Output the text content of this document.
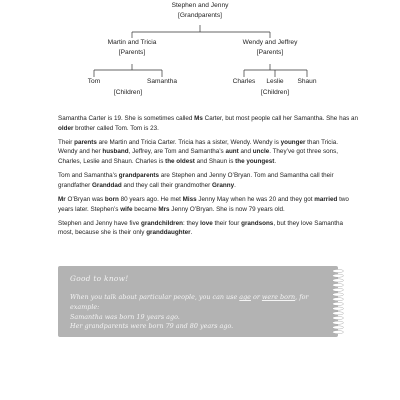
Stephen and Jenny
[Grandparents]
Martin and Tricia
[Parents]
Wendy and Jeffrey
[Parents]
Tom	Samantha
[Children]
Charles	Leslie	Shaun
[Children]

Samantha Carter is 19. She is sometimes called Ms Carter, but most people call her Samantha. She has an older brother called Tom. Tom is 23.

Their parents are Martin and Tricia Carter. Tricia has a sister, Wendy. Wendy is younger than Tricia. Wendy and her husband, Jeffrey, are Tom and Samantha’s aunt and uncle. They’ve got three sons, Charles, Leslie and Shaun. Charles is the oldest and Shaun is the youngest.

Tom and Samantha’s grandparents are Stephen and Jenny O’Bryan. Tom and Samantha call their grandfather Granddad and they call their grandmother Granny.

Mr O’Bryan was born 80 years ago. He met Miss Jenny May when he was 20 and they got married two years later. Stephen’s wife became Mrs Jenny O’Bryan. She is now 79 years old.

Stephen and Jenny have five grandchildren: they love their four grandsons, but they love Samantha most, because she is their only granddaughter.

Good to know!
When you talk about particular people, you can use age or were born, for
example:
Samantha was born 19 years ago.
Her grandparents were born 79 and 80 years ago.
